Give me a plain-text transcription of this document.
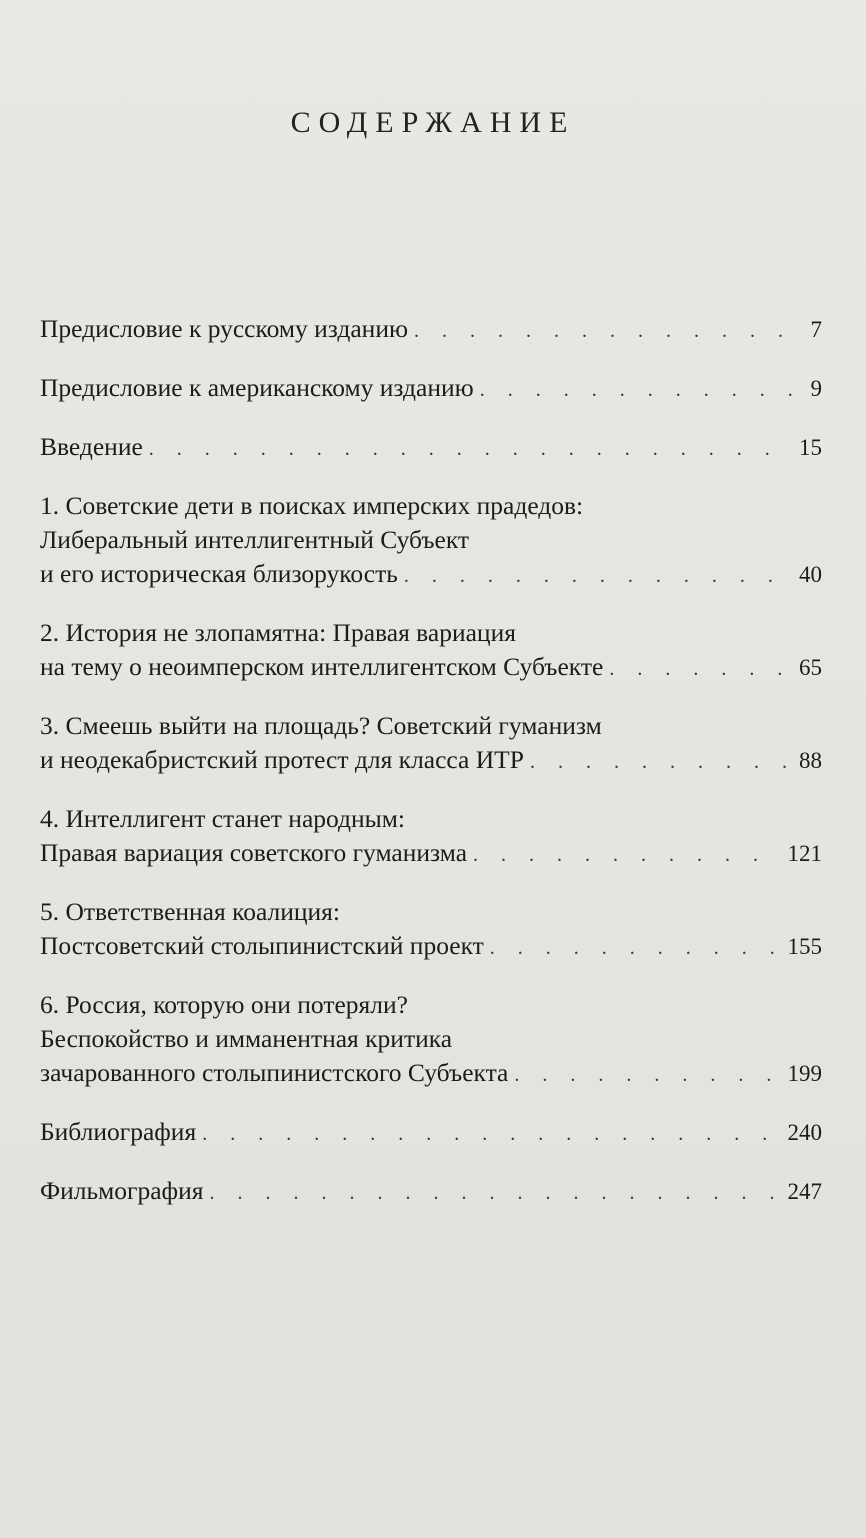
СОДЕРЖАНИЕ
Предисловие к русскому изданию . . .	7
Предисловие к американскому изданию . . .	9
Введение . . .	15
1. Советские дети в поисках имперских прадедов:
Либеральный интеллигентный Субъект
и его историческая близорукость . . .	40
2. История не злопамятна: Правая вариация
на тему о неоимперском интеллигентском Субъекте . . .	65
3. Смеешь выйти на площадь? Советский гуманизм
и неодекабристский протест для класса ИТР . . .	88
4. Интеллигент станет народным:
Правая вариация советского гуманизма . . .	121
5. Ответственная коалиция:
Постсоветский столыпинистский проект . . .	155
6. Россия, которую они потеряли?
Беспокойство и имманентная критика
зачарованного столыпинистского Субъекта . . .	199
Библиография . . .	240
Фильмография . . .	247
